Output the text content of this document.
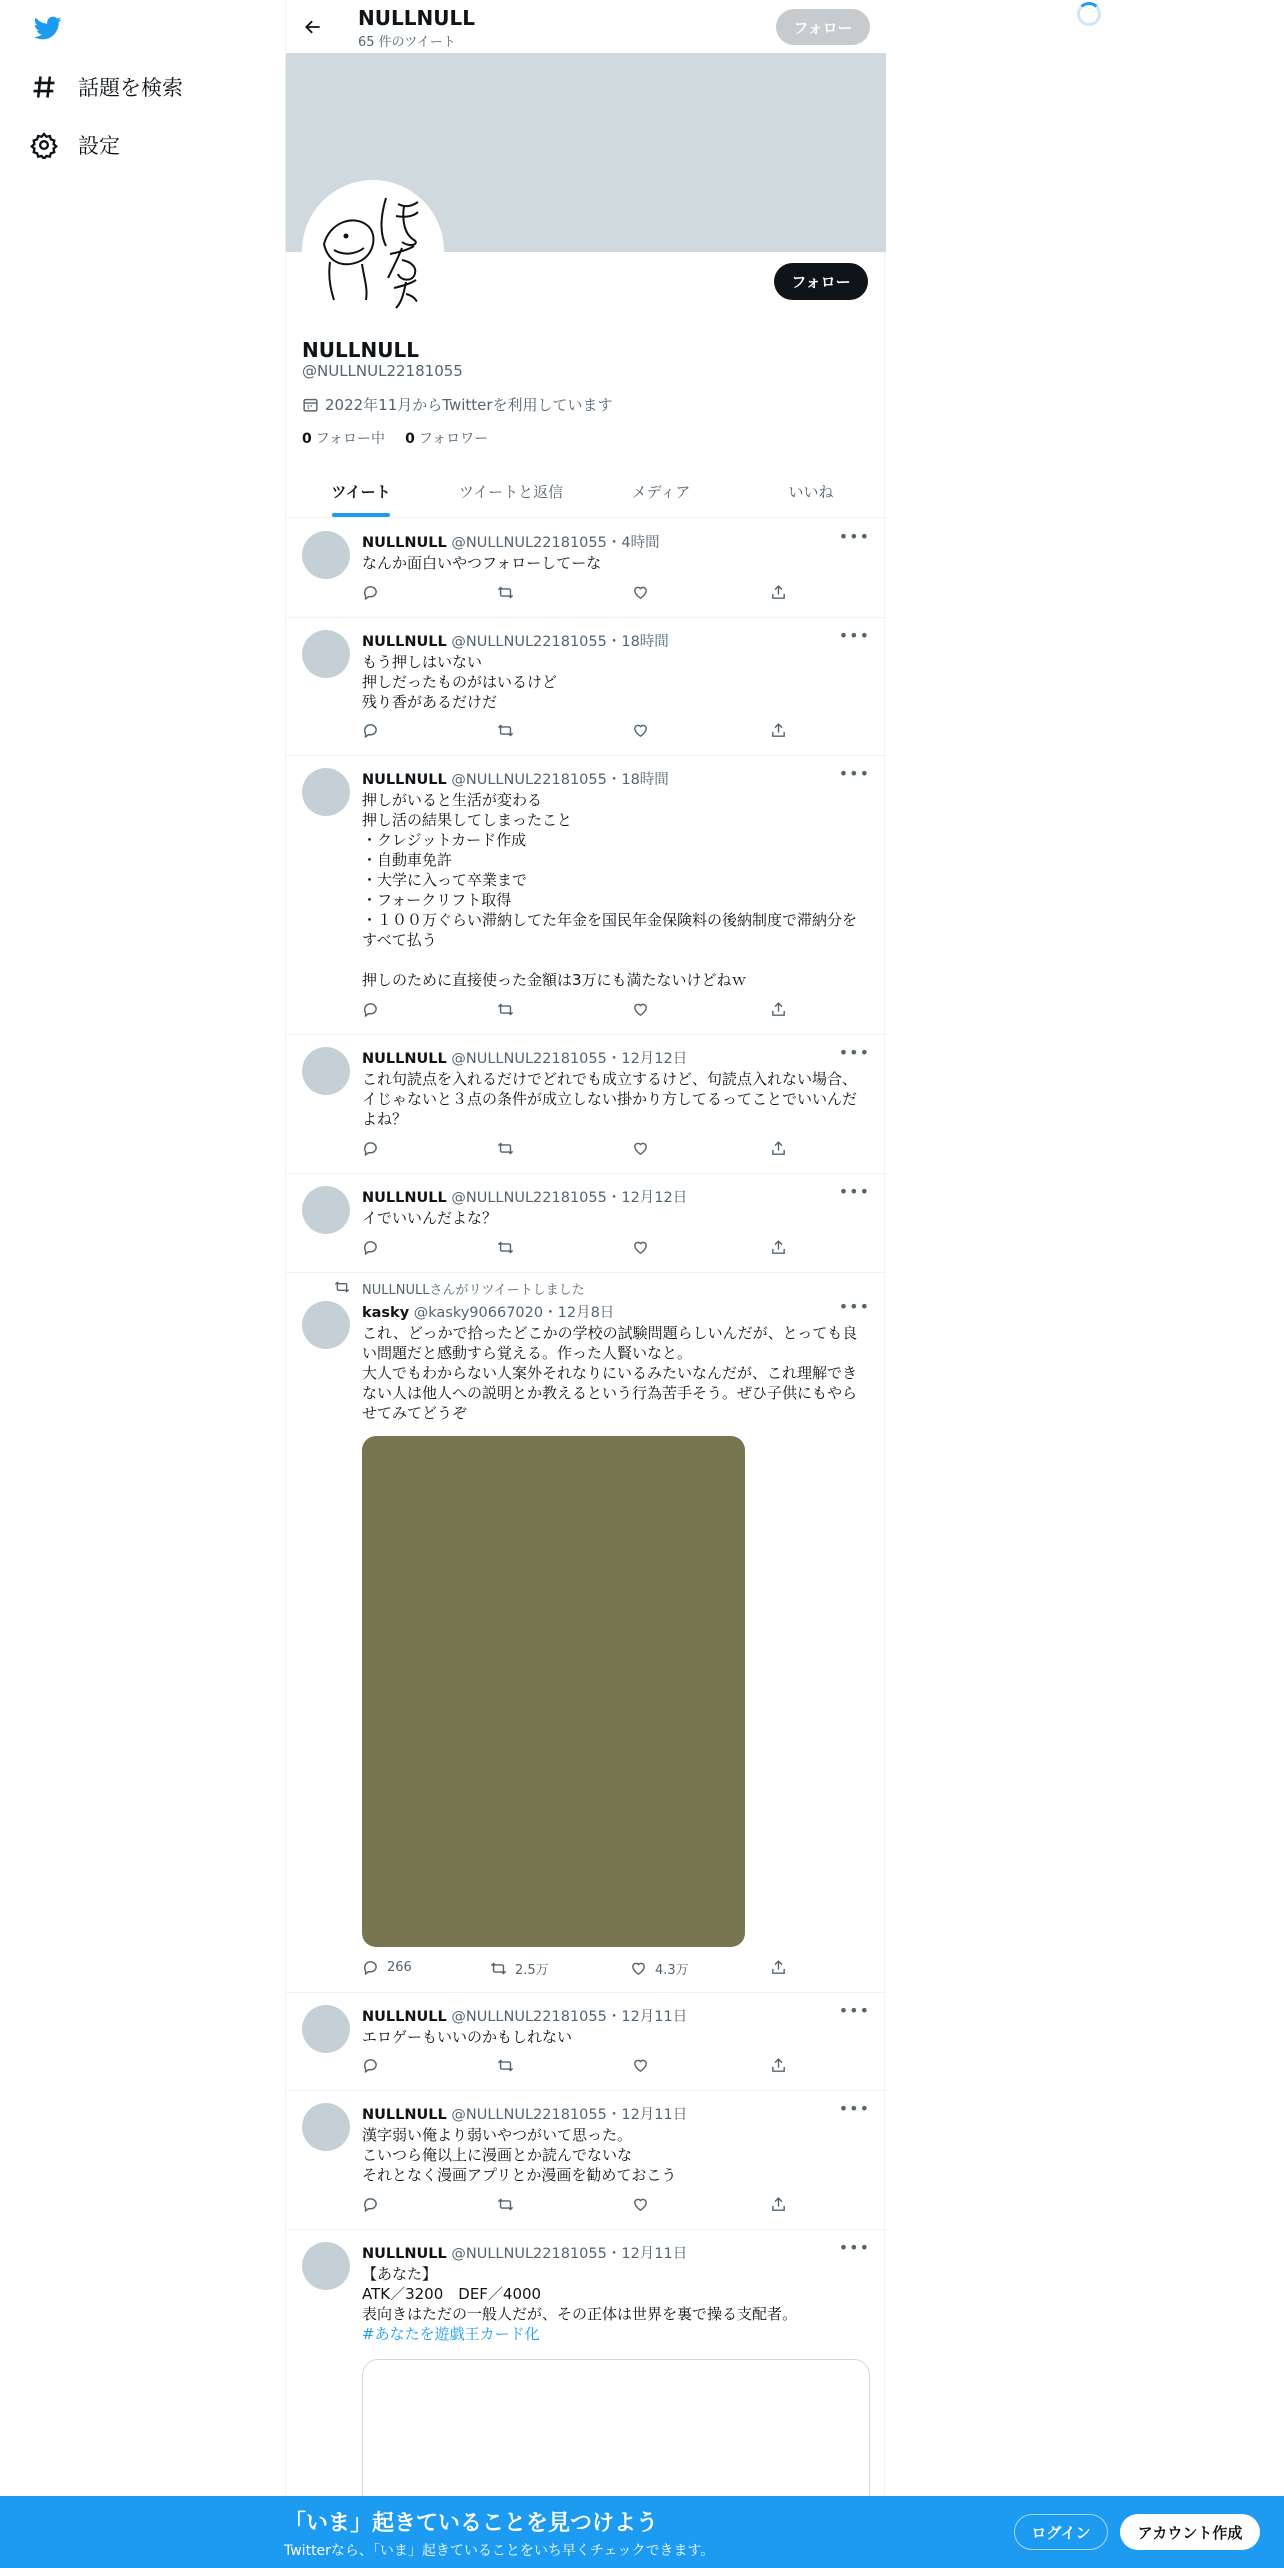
話題を検索
設定
NULLNULL
65 件のツイート
フォロー
フォロー
NULLNULL
@NULLNUL22181055
2022年11月からTwitterを利用しています
0 フォロー中 0 フォロワー
ツイート	ツイートと返信	メディア	いいね
NULLNULL @NULLNUL22181055・4時間	•••
なんか面白いやつフォローしてーな
NULLNULL @NULLNUL22181055・18時間	•••
もう押しはいない
押しだったものがはいるけど
残り香があるだけだ
NULLNULL @NULLNUL22181055・18時間	•••
押しがいると生活が変わる
押し活の結果してしまったこと
・クレジットカード作成
・自動車免許
・大学に入って卒業まで
・フォークリフト取得
・１００万ぐらい滞納してた年金を国民年金保険料の後納制度で滞納分をすべて払う

押しのために直接使った金額は3万にも満たないけどねｗ
NULLNULL @NULLNUL22181055・12月12日	•••
これ句読点を入れるだけでどれでも成立するけど、句読点入れない場合、イじゃないと３点の条件が成立しない掛かり方してるってことでいいんだよね？
NULLNULL @NULLNUL22181055・12月12日	•••
イでいいんだよな？
NULLNULLさんがリツイートしました
kasky @kasky90667020・12月8日	•••
これ、どっかで拾ったどこかの学校の試験問題らしいんだが、とっても良い問題だと感動すら覚える。作った人賢いなと。
大人でもわからない人案外それなりにいるみたいなんだが、これ理解できない人は他人への説明とか教えるという行為苦手そう。ぜひ子供にもやらせてみてどうぞ
266	2.5万	4.3万
NULLNULL @NULLNUL22181055・12月11日	•••
エロゲーもいいのかもしれない
NULLNULL @NULLNUL22181055・12月11日	•••
漢字弱い俺より弱いやつがいて思った。
こいつら俺以上に漫画とか読んでないな
それとなく漫画アプリとか漫画を勧めておこう
NULLNULL @NULLNUL22181055・12月11日	•••
【あなた】
ATK／3200　DEF／4000
表向きはただの一般人だが、その正体は世界を裏で操る支配者。
#あなたを遊戯王カード化
「いま」起きていることを見つけよう
Twitterなら、「いま」起きていることをいち早くチェックできます。
ログイン	アカウント作成
